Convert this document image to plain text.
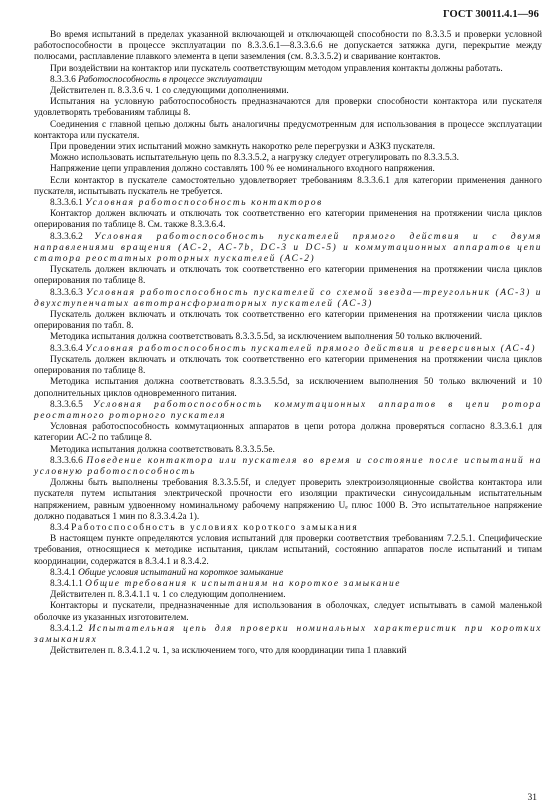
ГОСТ 30011.4.1—96

Во время испытаний в пределах указанной включающей и отключающей способности по 8.3.3.5 и проверки условной работоспособности в процессе эксплуатации по 8.3.3.6.1—8.3.3.6.6 не допускается затяжка дуги, перекрытие между полюсами, расплавление плавкого элемента в цепи заземления (см. 8.3.3.5.2) и сваривание контактов.

При воздействии на контактор или пускатель соответствующим методом управления контакты должны работать.

8.3.3.6 Работоспособность в процессе эксплуатации

Действителен п. 8.3.3.6 ч. 1 со следующими дополнениями.

Испытания на условную работоспособность предназначаются для проверки способности контактора или пускателя удовлетворять требованиям таблицы 8.

Соединения с главной цепью должны быть аналогичны предусмотренным для использования в процессе эксплуатации контактора или пускателя.

При проведении этих испытаний можно замкнуть накоротко реле перегрузки и АЗКЗ пускателя.

Можно использовать испытательную цепь по 8.3.3.5.2, а нагрузку следует отрегулировать по 8.3.3.5.3.

Напряжение цепи управления должно составлять 100 % ее номинального входного напряжения.

Если контактор в пускателе самостоятельно удовлетворяет требованиям 8.3.3.6.1 для категории применения данного пускателя, испытывать пускатель не требуется.

8.3.3.6.1 Условная работоспособность контакторов

Контактор должен включать и отключать ток соответственно его категории применения на протяжении числа циклов оперирования по таблице 8. См. также 8.3.3.6.4.

8.3.3.6.2 Условная работоспособность пускателей прямого действия и с двумя направлениями вращения (АС-2, АС-7b, DC-3 и DC-5) и коммутационных аппаратов цепи статора реостатных роторных пускателей (АС-2)

Пускатель должен включать и отключать ток соответственно его категории применения на протяжении числа циклов оперирования по таблице 8.

8.3.3.6.3 Условная работоспособность пускателей со схемой звезда—треугольник (АС-3) и двухступенчатых автотрансформаторных пускателей (АС-3)

Пускатель должен включать и отключать ток соответственно его категории применения на протяжении числа циклов оперирования по табл. 8.

Методика испытания должна соответствовать 8.3.3.5.5d, за исключением выполнения 50 только включений.

8.3.3.6.4 Условная работоспособность пускателей прямого действия и реверсивных (АС-4)

Пускатель должен включать и отключать ток соответственно его категории применения на протяжении числа циклов оперирования по таблице 8.

Методика испытания должна соответствовать 8.3.3.5.5d, за исключением выполнения 50 только включений и 10 дополнительных циклов одновременного питания.

8.3.3.6.5 Условная работоспособность коммутационных аппаратов в цепи ротора реостатного роторного пускателя

Условная работоспособность коммутационных аппаратов в цепи ротора должна проверяться согласно 8.3.3.6.1 для категории АС-2 по таблице 8.

Методика испытания должна соответствовать 8.3.3.5.5е.

8.3.3.6.6 Поведение контактора или пускателя во время и состояние после испытаний на условную работоспособность

Должны быть выполнены требования 8.3.3.5.5f, и следует проверить электроизоляционные свойства контактора или пускателя путем испытания электрической прочности его изоляции практически синусоидальным испытательным напряжением, равным удвоенному номинальному рабочему напряжению Uₑ плюс 1000 В. Это испытательное напряжение должно подаваться 1 мин по 8.3.3.4.2а 1).

8.3.4 Работоспособность в условиях короткого замыкания

В настоящем пункте определяются условия испытаний для проверки соответствия требованиям 7.2.5.1. Специфические требования, относящиеся к методике испытания, циклам испытаний, состоянию аппаратов после испытаний и типам координации, содержатся в 8.3.4.1 и 8.3.4.2.

8.3.4.1 Общие условия испытаний на короткое замыкание

8.3.4.1.1 Общие требования к испытаниям на короткое замыкание

Действителен п. 8.3.4.1.1 ч. 1 со следующим дополнением.

Контакторы и пускатели, предназначенные для использования в оболочках, следует испытывать в самой маленькой оболочке из указанных изготовителем.

8.3.4.1.2 Испытательная цепь для проверки номинальных характеристик при коротких замыканиях

Действителен п. 8.3.4.1.2 ч. 1, за исключением того, что для координации типа 1 плавкий

31
